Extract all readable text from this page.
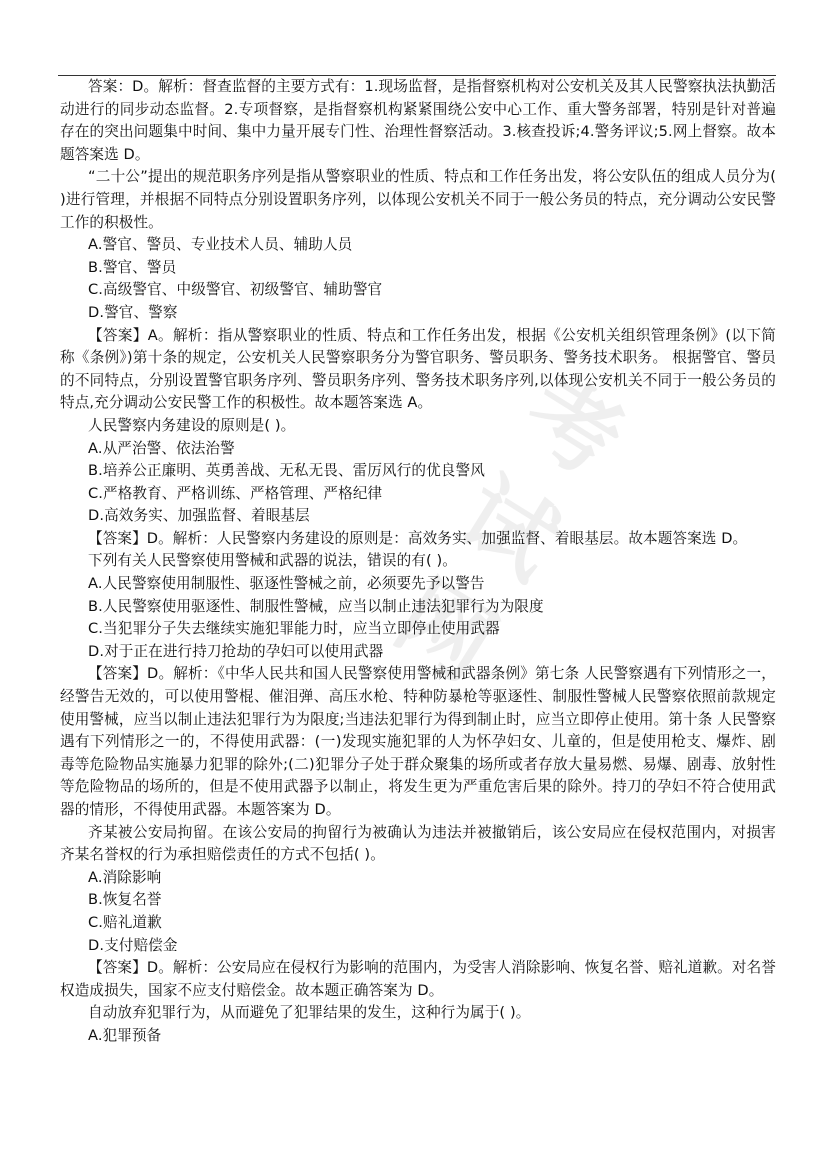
考 试 网

答案：D。解析：督查监督的主要方式有：1.现场监督，是指督察机构对公安机关及其人民警察执法执勤活动进行的同步动态监督。2.专项督察，是指督察机构紧紧围绕公安中心工作、重大警务部署，特别是针对普遍存在的突出问题集中时间、集中力量开展专门性、治理性督察活动。3.核查投诉;4.警务评议;5.网上督察。故本题答案选 D。

“二十公”提出的规范职务序列是指从警察职业的性质、特点和工作任务出发，将公安队伍的组成人员分为( )进行管理，并根据不同特点分别设置职务序列，以体现公安机关不同于一般公务员的特点，充分调动公安民警工作的积极性。

A.警官、警员、专业技术人员、辅助人员

B.警官、警员

C.高级警官、中级警官、初级警官、辅助警官

D.警官、警察

【答案】A。解析：指从警察职业的性质、特点和工作任务出发，根据《公安机关组织管理条例》(以下简称《条例》)第十条的规定，公安机关人民警察职务分为警官职务、警员职务、警务技术职务。 根据警官、警员的不同特点，分别设置警官职务序列、警员职务序列、警务技术职务序列,以体现公安机关不同于一般公务员的特点,充分调动公安民警工作的积极性。故本题答案选 A。

人民警察内务建设的原则是( )。

A.从严治警、依法治警

B.培养公正廉明、英勇善战、无私无畏、雷厉风行的优良警风

C.严格教育、严格训练、严格管理、严格纪律

D.高效务实、加强监督、着眼基层

【答案】D。解析：人民警察内务建设的原则是：高效务实、加强监督、着眼基层。故本题答案选 D。

下列有关人民警察使用警械和武器的说法，错误的有( )。

A.人民警察使用制服性、驱逐性警械之前，必须要先予以警告

B.人民警察使用驱逐性、制服性警械，应当以制止违法犯罪行为为限度

C.当犯罪分子失去继续实施犯罪能力时，应当立即停止使用武器

D.对于正在进行持刀抢劫的孕妇可以使用武器

【答案】D。解析：《中华人民共和国人民警察使用警械和武器条例》第七条 人民警察遇有下列情形之一，经警告无效的，可以使用警棍、催泪弹、高压水枪、特种防暴枪等驱逐性、制服性警械人民警察依照前款规定使用警械，应当以制止违法犯罪行为为限度;当违法犯罪行为得到制止时，应当立即停止使用。第十条 人民警察遇有下列情形之一的，不得使用武器：(一)发现实施犯罪的人为怀孕妇女、儿童的，但是使用枪支、爆炸、剧毒等危险物品实施暴力犯罪的除外;(二)犯罪分子处于群众聚集的场所或者存放大量易燃、易爆、剧毒、放射性等危险物品的场所的，但是不使用武器予以制止，将发生更为严重危害后果的除外。持刀的孕妇不符合使用武器的情形，不得使用武器。本题答案为 D。

齐某被公安局拘留。在该公安局的拘留行为被确认为违法并被撤销后，该公安局应在侵权范围内，对损害齐某名誉权的行为承担赔偿责任的方式不包括( )。

A.消除影响

B.恢复名誉

C.赔礼道歉

D.支付赔偿金

【答案】D。解析：公安局应在侵权行为影响的范围内，为受害人消除影响、恢复名誉、赔礼道歉。对名誉权造成损失，国家不应支付赔偿金。故本题正确答案为 D。

自动放弃犯罪行为，从而避免了犯罪结果的发生，这种行为属于( )。

A.犯罪预备
